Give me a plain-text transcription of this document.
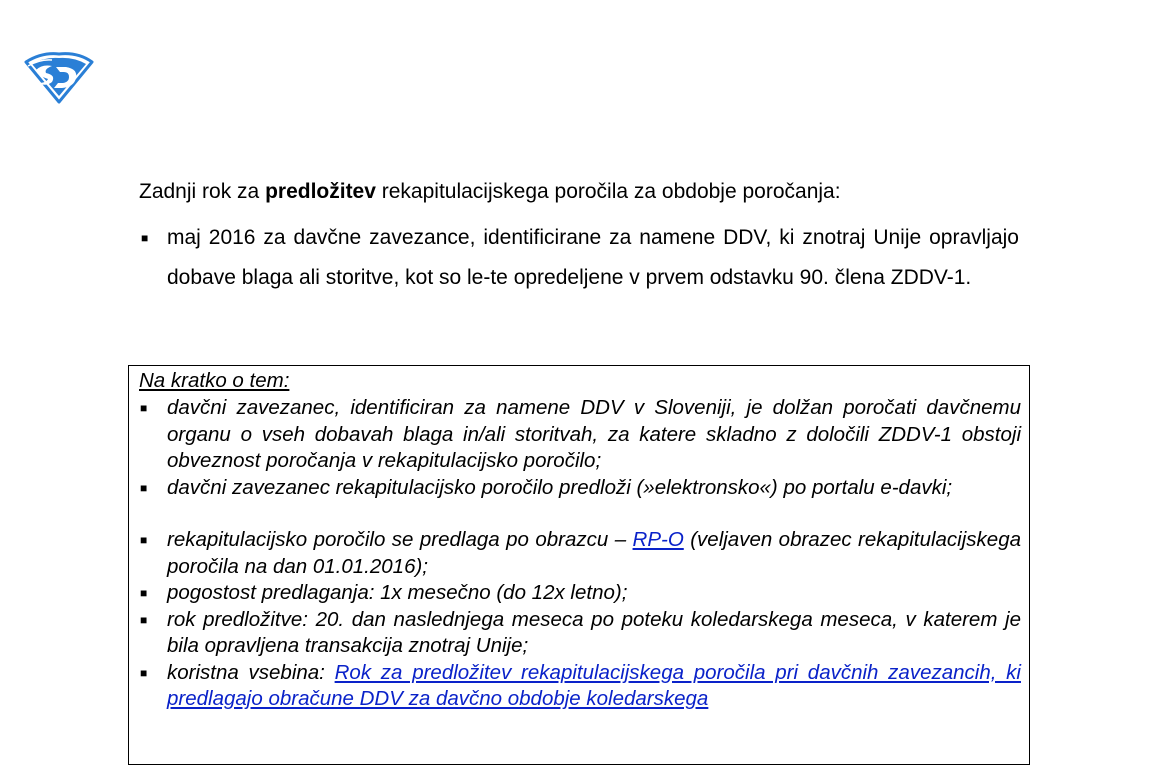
Zadnji rok za predložitev rekapitulacijskega poročila za obdobje poročanja:
■ maj 2016 za davčne zavezance, identificirane za namene DDV, ki znotraj Unije opravljajo dobave blaga ali storitve, kot so le-te opredeljene v prvem odstavku 90. člena ZDDV-1.
Na kratko o tem:
■ davčni zavezanec, identificiran za namene DDV v Sloveniji, je dolžan poročati davčnemu organu o vseh dobavah blaga in/ali storitvah, za katere skladno z določili ZDDV-1 obstoji obveznost poročanja v rekapitulacijsko poročilo;
■ davčni zavezanec rekapitulacijsko poročilo predloži (»elektronsko«) po portalu e-davki;
■ rekapitulacijsko poročilo se predlaga po obrazcu – RP-O (veljaven obrazec rekapitulacijskega poročila na dan 01.01.2016);
■ pogostost predlaganja: 1x mesečno (do 12x letno);
■ rok predložitve: 20. dan naslednjega meseca po poteku koledarskega meseca, v katerem je bila opravljena transakcija znotraj Unije;
■ koristna vsebina: Rok za predložitev rekapitulacijskega poročila pri davčnih zavezancih, ki predlagajo obračune DDV za davčno obdobje koledarskega
